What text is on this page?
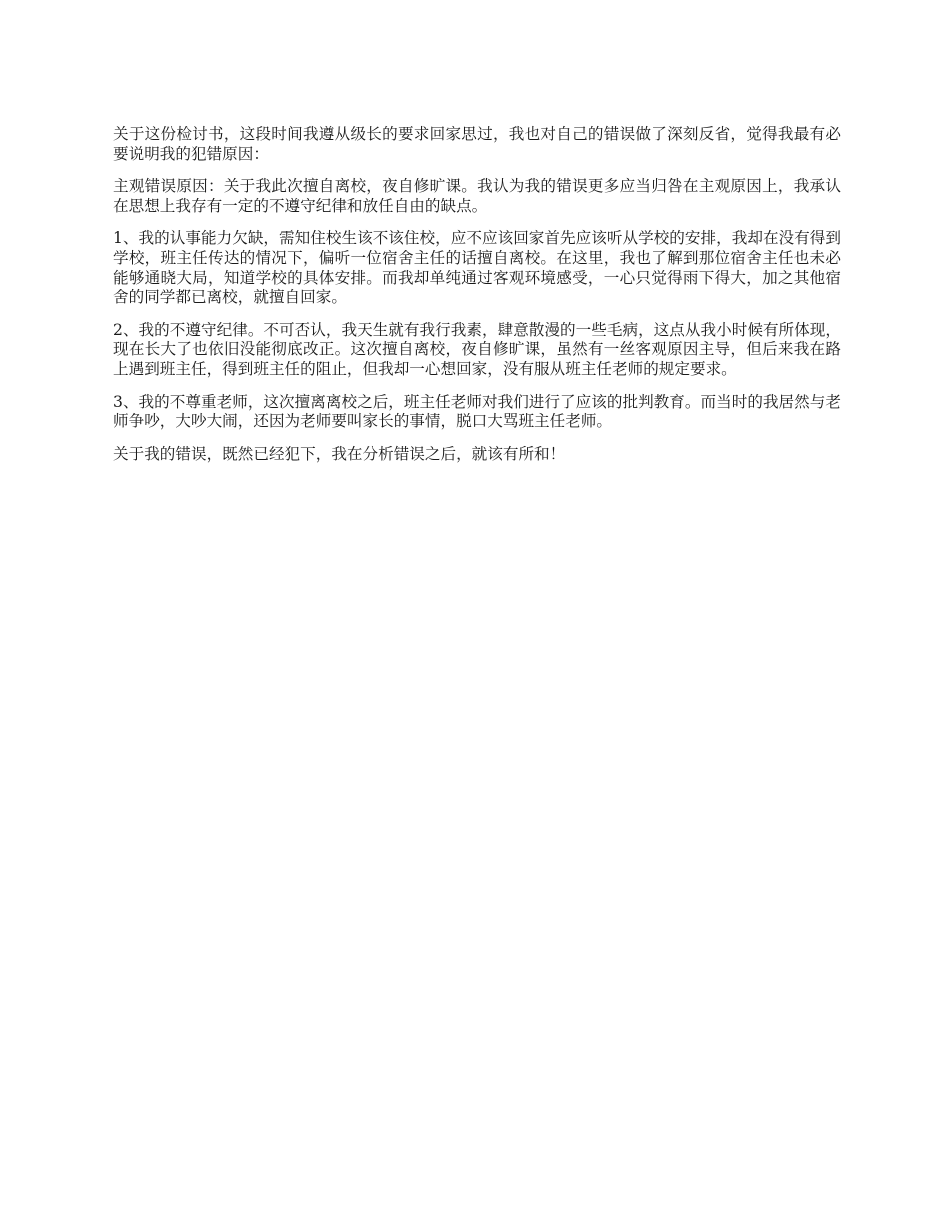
关于这份检讨书，这段时间我遵从级长的要求回家思过，我也对自己的错误做了深刻反省，觉得我最有必要说明我的犯错原因：

主观错误原因：关于我此次擅自离校，夜自修旷课。我认为我的错误更多应当归咎在主观原因上，我承认在思想上我存有一定的不遵守纪律和放任自由的缺点。

1、我的认事能力欠缺，需知住校生该不该住校，应不应该回家首先应该听从学校的安排，我却在没有得到学校，班主任传达的情况下，偏听一位宿舍主任的话擅自离校。在这里，我也了解到那位宿舍主任也未必能够通晓大局，知道学校的具体安排。而我却单纯通过客观环境感受，一心只觉得雨下得大，加之其他宿舍的同学都已离校，就擅自回家。

2、我的不遵守纪律。不可否认，我天生就有我行我素，肆意散漫的一些毛病，这点从我小时候有所体现，现在长大了也依旧没能彻底改正。这次擅自离校，夜自修旷课，虽然有一丝客观原因主导，但后来我在路上遇到班主任，得到班主任的阻止，但我却一心想回家，没有服从班主任老师的规定要求。

3、我的不尊重老师，这次擅离离校之后，班主任老师对我们进行了应该的批判教育。而当时的我居然与老师争吵，大吵大闹，还因为老师要叫家长的事情，脱口大骂班主任老师。

关于我的错误，既然已经犯下，我在分析错误之后，就该有所和！
